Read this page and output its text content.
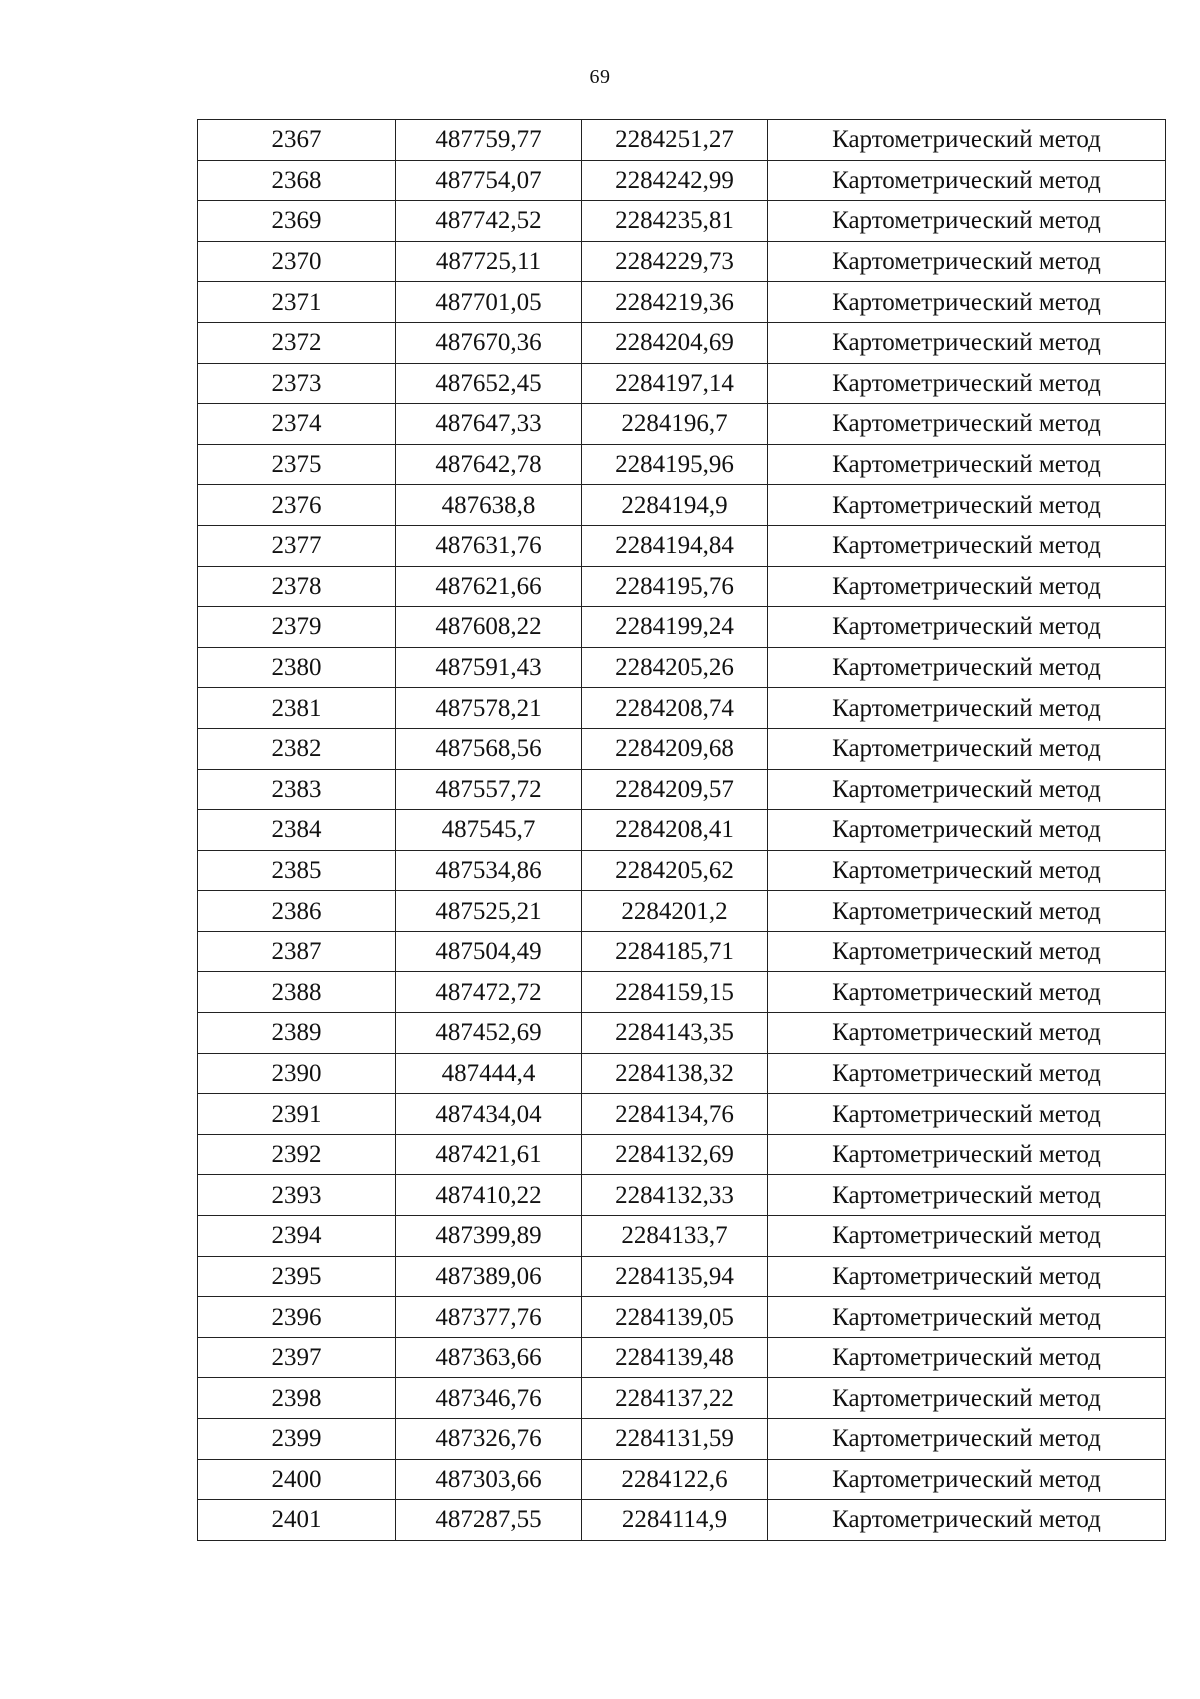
69
2367	487759,77	2284251,27	Картометрический метод
2368	487754,07	2284242,99	Картометрический метод
2369	487742,52	2284235,81	Картометрический метод
2370	487725,11	2284229,73	Картометрический метод
2371	487701,05	2284219,36	Картометрический метод
2372	487670,36	2284204,69	Картометрический метод
2373	487652,45	2284197,14	Картометрический метод
2374	487647,33	2284196,7	Картометрический метод
2375	487642,78	2284195,96	Картометрический метод
2376	487638,8	2284194,9	Картометрический метод
2377	487631,76	2284194,84	Картометрический метод
2378	487621,66	2284195,76	Картометрический метод
2379	487608,22	2284199,24	Картометрический метод
2380	487591,43	2284205,26	Картометрический метод
2381	487578,21	2284208,74	Картометрический метод
2382	487568,56	2284209,68	Картометрический метод
2383	487557,72	2284209,57	Картометрический метод
2384	487545,7	2284208,41	Картометрический метод
2385	487534,86	2284205,62	Картометрический метод
2386	487525,21	2284201,2	Картометрический метод
2387	487504,49	2284185,71	Картометрический метод
2388	487472,72	2284159,15	Картометрический метод
2389	487452,69	2284143,35	Картометрический метод
2390	487444,4	2284138,32	Картометрический метод
2391	487434,04	2284134,76	Картометрический метод
2392	487421,61	2284132,69	Картометрический метод
2393	487410,22	2284132,33	Картометрический метод
2394	487399,89	2284133,7	Картометрический метод
2395	487389,06	2284135,94	Картометрический метод
2396	487377,76	2284139,05	Картометрический метод
2397	487363,66	2284139,48	Картометрический метод
2398	487346,76	2284137,22	Картометрический метод
2399	487326,76	2284131,59	Картометрический метод
2400	487303,66	2284122,6	Картометрический метод
2401	487287,55	2284114,9	Картометрический метод
